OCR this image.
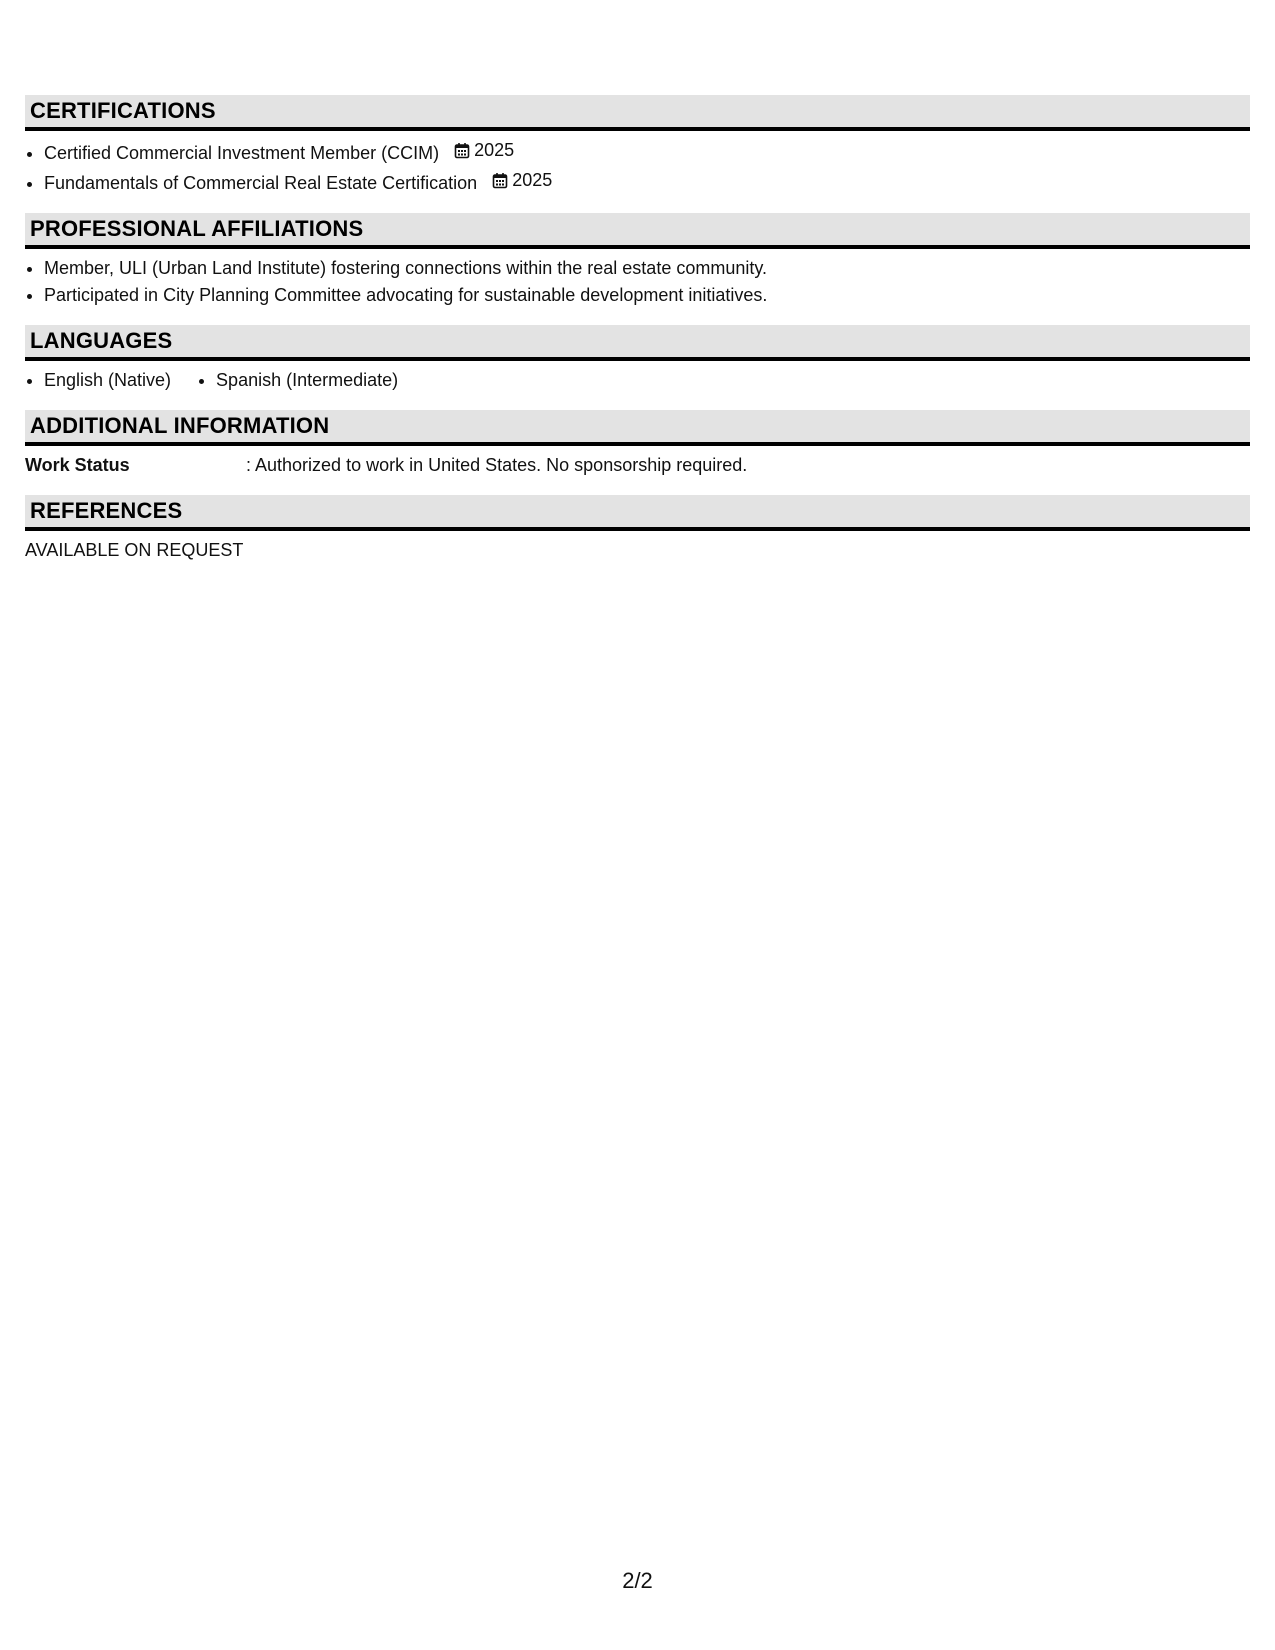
CERTIFICATIONS
• Certified Commercial Investment Member (CCIM) 2025
• Fundamentals of Commercial Real Estate Certification 2025
PROFESSIONAL AFFILIATIONS
• Member, ULI (Urban Land Institute) fostering connections within the real estate community.
• Participated in City Planning Committee advocating for sustainable development initiatives.
LANGUAGES
• English (Native)
•	Spanish (Intermediate)
ADDITIONAL INFORMATION
Work Status	: Authorized to work in United States. No sponsorship required.
REFERENCES
AVAILABLE ON REQUEST
2/2
